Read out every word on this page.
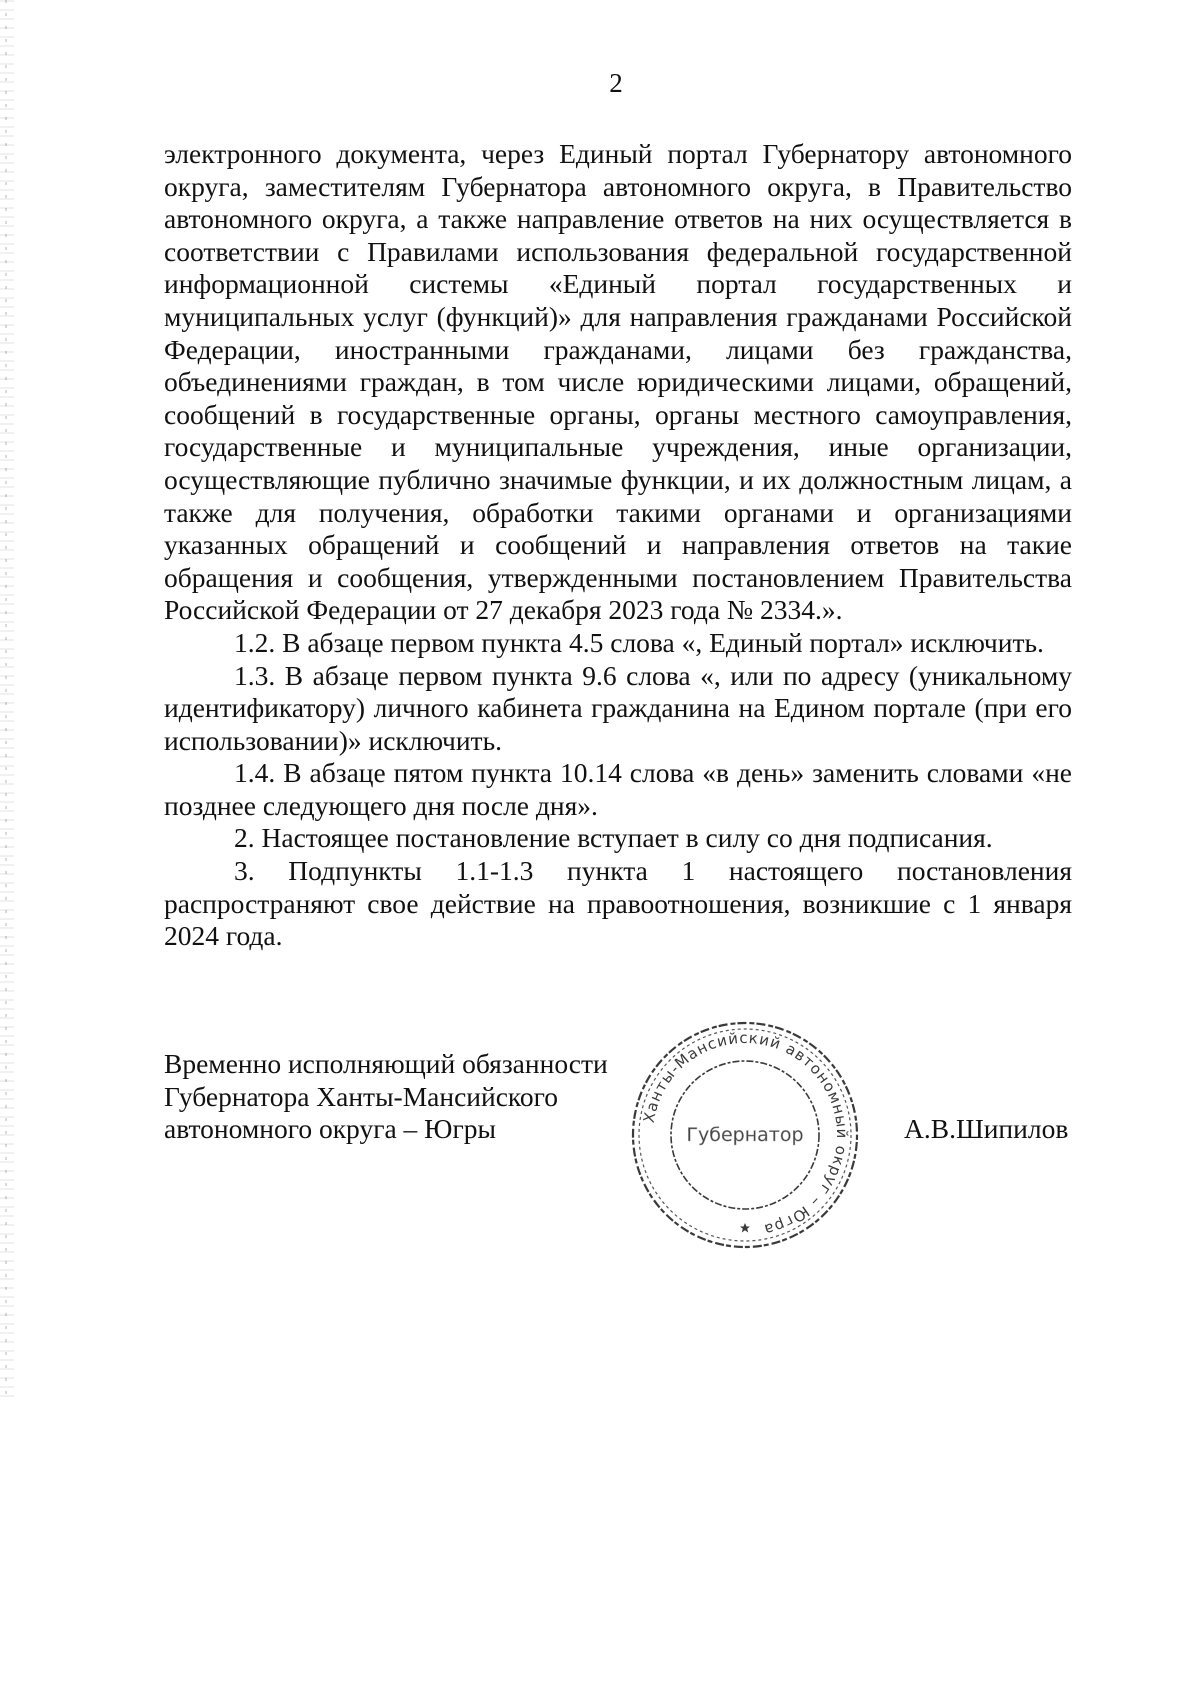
2

электронного документа, через Единый портал Губернатору автономного округа, заместителям Губернатора автономного округа, в Правительство автономного округа, а также направление ответов на них осуществляется в соответствии с Правилами использования федеральной государственной информационной системы «Единый портал государственных и муниципальных услуг (функций)» для направления гражданами Российской Федерации, иностранными гражданами, лицами без гражданства, объединениями граждан, в том числе юридическими лицами, обращений, сообщений в государственные органы, органы местного самоуправления, государственные и муниципальные учреждения, иные организации, осуществляющие публично значимые функции, и их должностным лицам, а также для получения, обработки такими органами и организациями указанных обращений и сообщений и направления ответов на такие обращения и сообщения, утвержденными постановлением Правительства Российской Федерации от 27 декабря 2023 года № 2334.».

1.2. В абзаце первом пункта 4.5 слова «, Единый портал» исключить.

1.3. В абзаце первом пункта 9.6 слова «, или по адресу (уникальному идентификатору) личного кабинета гражданина на Едином портале (при его использовании)» исключить.

1.4. В абзаце пятом пункта 10.14 слова «в день» заменить словами «не позднее следующего дня после дня».

2. Настоящее постановление вступает в силу со дня подписания.

3. Подпункты 1.1-1.3 пункта 1 настоящего постановления распространяют свое действие на правоотношения, возникшие с 1 января 2024 года.

Временно исполняющий обязанности
Губернатора Ханты-Мансийского
автономного округа – Югры	Ханты-Мансийский автономный округ – Югра
Губернатор	А.В.Шипилов
